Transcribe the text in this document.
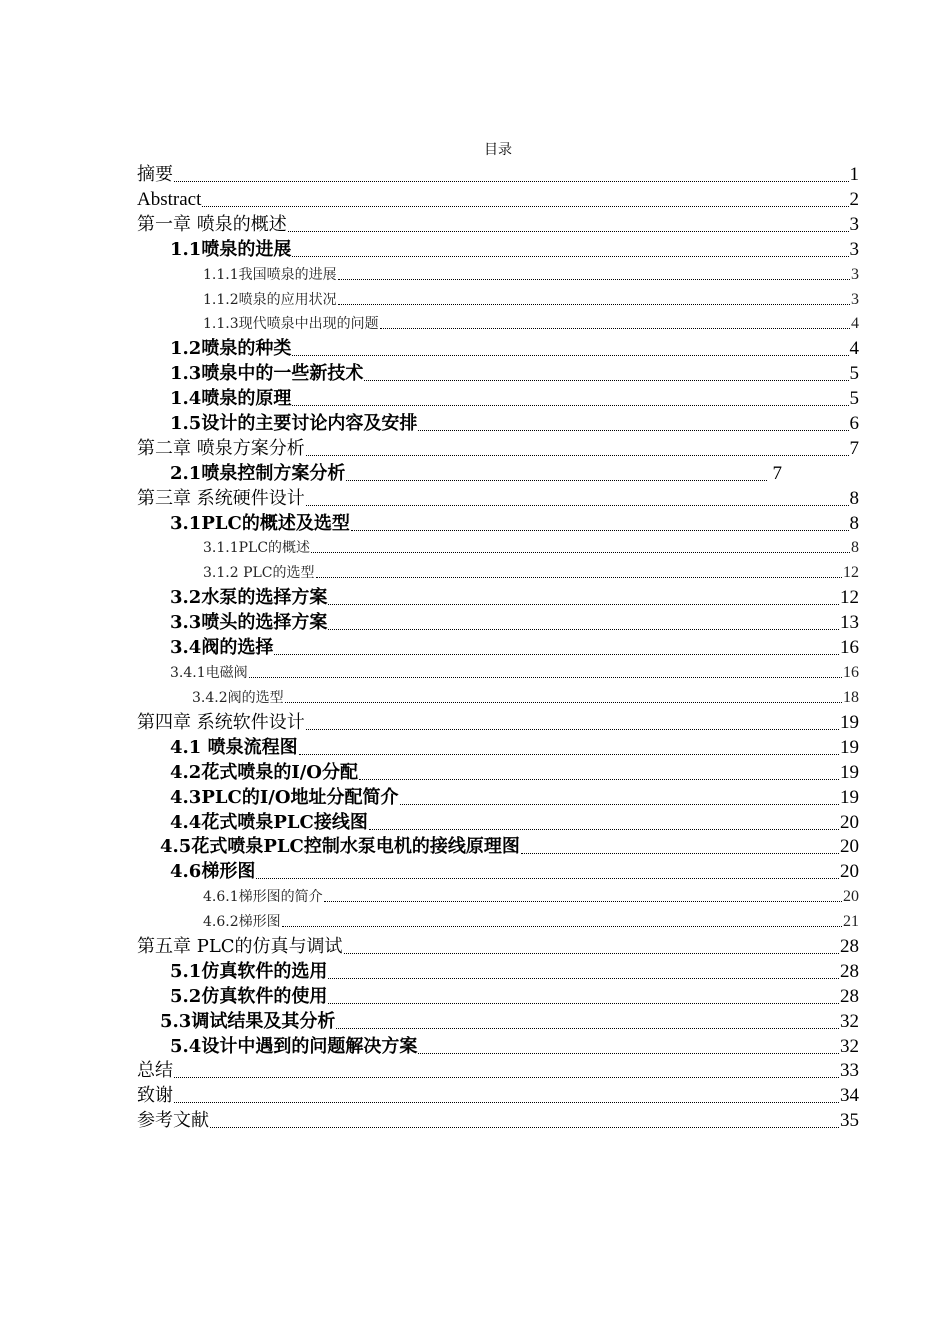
目录
摘要	1
Abstract	2
第一章 喷泉的概述	3
1.1喷泉的进展	3
1.1.1我国喷泉的进展	3
1.1.2喷泉的应用状况	3
1.1.3现代喷泉中出现的问题	4
1.2喷泉的种类	4
1.3喷泉中的一些新技术	5
1.4喷泉的原理	5
1.5设计的主要讨论内容及安排	6
第二章 喷泉方案分析	7
2.1喷泉控制方案分析	7
第三章 系统硬件设计	8
3.1PLC的概述及选型	8
3.1.1PLC的概述	8
3.1.2 PLC的选型	12
3.2水泵的选择方案	12
3.3喷头的选择方案	13
3.4阀的选择	16
3.4.1电磁阀	16
3.4.2阀的选型	18
第四章 系统软件设计	19
4.1 喷泉流程图	19
4.2花式喷泉的I/O分配	19
4.3PLC的I/O地址分配简介	19
4.4花式喷泉PLC接线图	20
4.5花式喷泉PLC控制水泵电机的接线原理图	20
4.6梯形图	20
4.6.1梯形图的简介	20
4.6.2梯形图	21
第五章 PLC的仿真与调试	28
5.1仿真软件的选用	28
5.2仿真软件的使用	28
5.3调试结果及其分析	32
5.4设计中遇到的问题解决方案	32
总结	33
致谢	34
参考文献	35
